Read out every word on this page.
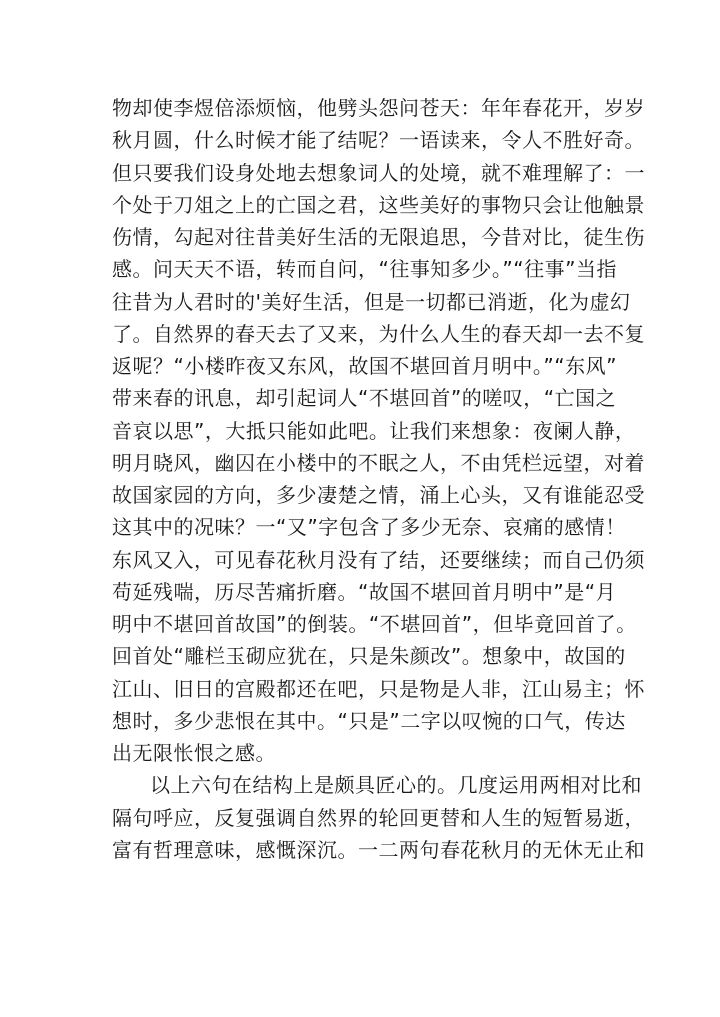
物却使李煜倍添烦恼，他劈头怨问苍天：年年春花开，岁岁
秋月圆，什么时候才能了结呢？一语读来，令人不胜好奇。
但只要我们设身处地去想象词人的处境，就不难理解了：一
个处于刀俎之上的亡国之君，这些美好的事物只会让他触景
伤情，勾起对往昔美好生活的无限追思，今昔对比，徒生伤
感。问天天不语，转而自问，“往事知多少。”“往事”当指
往昔为人君时的'美好生活，但是一切都已消逝，化为虚幻
了。自然界的春天去了又来，为什么人生的春天却一去不复
返呢？“小楼昨夜又东风，故国不堪回首月明中。”“东风”
带来春的讯息，却引起词人“不堪回首”的嗟叹，“亡国之
音哀以思”，大抵只能如此吧。让我们来想象：夜阑人静，
明月晓风，幽囚在小楼中的不眠之人，不由凭栏远望，对着
故国家园的方向，多少凄楚之情，涌上心头，又有谁能忍受
这其中的况味？一“又”字包含了多少无奈、哀痛的感情！
东风又入，可见春花秋月没有了结，还要继续；而自己仍须
苟延残喘，历尽苦痛折磨。“故国不堪回首月明中”是“月
明中不堪回首故国”的倒装。“不堪回首”，但毕竟回首了。
回首处“雕栏玉砌应犹在，只是朱颜改”。想象中，故国的
江山、旧日的宫殿都还在吧，只是物是人非，江山易主；怀
想时，多少悲恨在其中。“只是”二字以叹惋的口气，传达
出无限怅恨之感。
以上六句在结构上是颇具匠心的。几度运用两相对比和
隔句呼应，反复强调自然界的轮回更替和人生的短暂易逝，
富有哲理意味，感慨深沉。一二两句春花秋月的无休无止和
